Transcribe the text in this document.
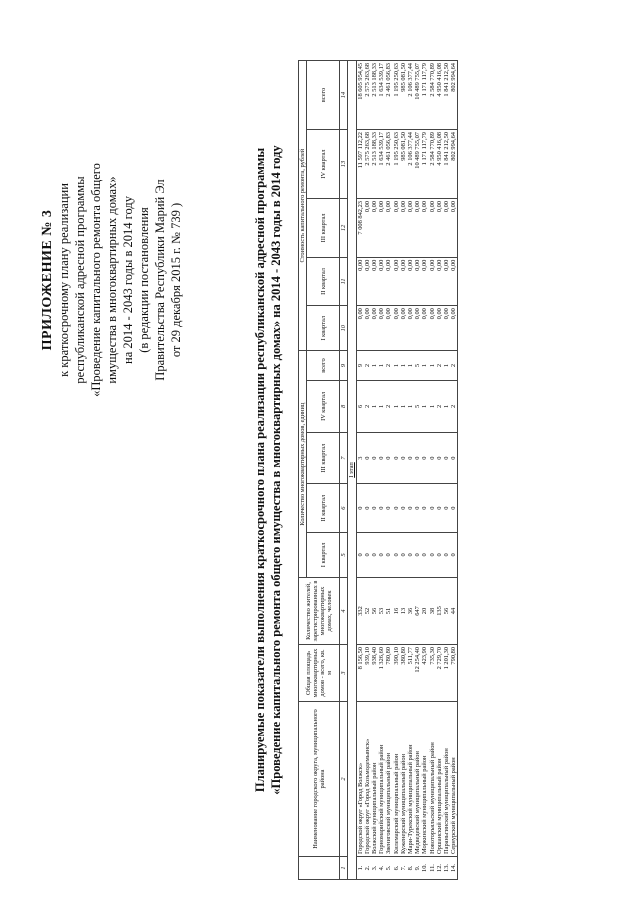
ПРИЛОЖЕНИЕ № 3 к краткосрочному плану реализации республиканской адресной программы «Проведение капитального ремонта общего имущества в многоквартирных домах» на 2014 - 2043 годы в 2014 году (в редакции постановления Правительства Республики Марий Эл от 29 декабря 2015 г. № 739 )	Планируемые показатели выполнения краткосрочного плана реализации республиканской адресной программы «Проведение капитального ремонта общего имущества в многоквартирных домах» на 2014 - 2043 годы в 2014 году
		Наименование городского округа, муниципального района	Общая площадь многоквартирных домов - всего, кв. м	Количество жителей, зарегистрированных в многоквартирных домах, человек	Количество многоквартирных домов, единиц					Стоимость капитального ремонта, рублей				
				I квартал	II квартал	III квартал	IV квартал	всего	I квартал	II квартал	III квартал	IV квартал	всего
1	2	3	4	5	6	7	8	9	10	11	12	13	14
I этап													
1.	Городской округ «Город Волжск»	8 156,50	332	0	0	3	6	9	0,00	0,00	7 008 842,23	11 597 112,22	18 605 954,45
2.	Городской округ «Город Козьмодемьянск»	939,10	52	0	0	0	2	2	0,00	0,00	0,00	2 575 263,68	2 575 263,68
3.	Волжский муниципальный район	938,40	56	0	0	0	1	1	0,00	0,00	0,00	2 513 188,33	2 513 188,33
4.	Горномарийский муниципальный район	1 326,60	53	0	0	0	1	1	0,00	0,00	0,00	1 634 539,17	1 634 539,17
5.	Звениговский муниципальный район	780,80	51	0	0	0	2	2	0,00	0,00	0,00	2 461 056,83	2 461 056,83
6.	Килемарский муниципальный район	390,10	16	0	0	0	1	1	0,00	0,00	0,00	1 195 250,63	1 195 250,63
7.	Куженерский муниципальный район	380,80	13	0	0	0	1	1	0,00	0,00	0,00	985 081,50	985 081,50
8.	Мари-Турекский муниципальный район	511,77	36	0	0	0	1	1	0,00	0,00	0,00	2 106 377,44	2 106 377,44
9.	Медведевский муниципальный район	12 254,40	647	0	0	0	5	5	0,00	0,00	0,00	10 489 755,07	10 489 755,07
10.	Моркинский муниципальный район	423,90	20	0	0	0	1	1	0,00	0,00	0,00	1 171 117,79	1 171 117,79
11.	Новоторъяльский муниципальный район	735,30	38	0	0	0	1	1	0,00	0,00	0,00	2 584 770,89	2 584 770,89
12.	Оршанский муниципальный район	2 729,70	135	0	0	0	2	2	0,00	0,00	0,00	4 950 416,08	4 950 416,08
13.	Параньгинский муниципальный район	1 201,30	56	0	0	0	1	1	0,00	0,00	0,00	1 841 212,50	1 841 212,50
14.	Сернурский муниципальный район	790,80	44	0	0	0	2	2	0,00	0,00	0,00	802 994,64	802 994,64
